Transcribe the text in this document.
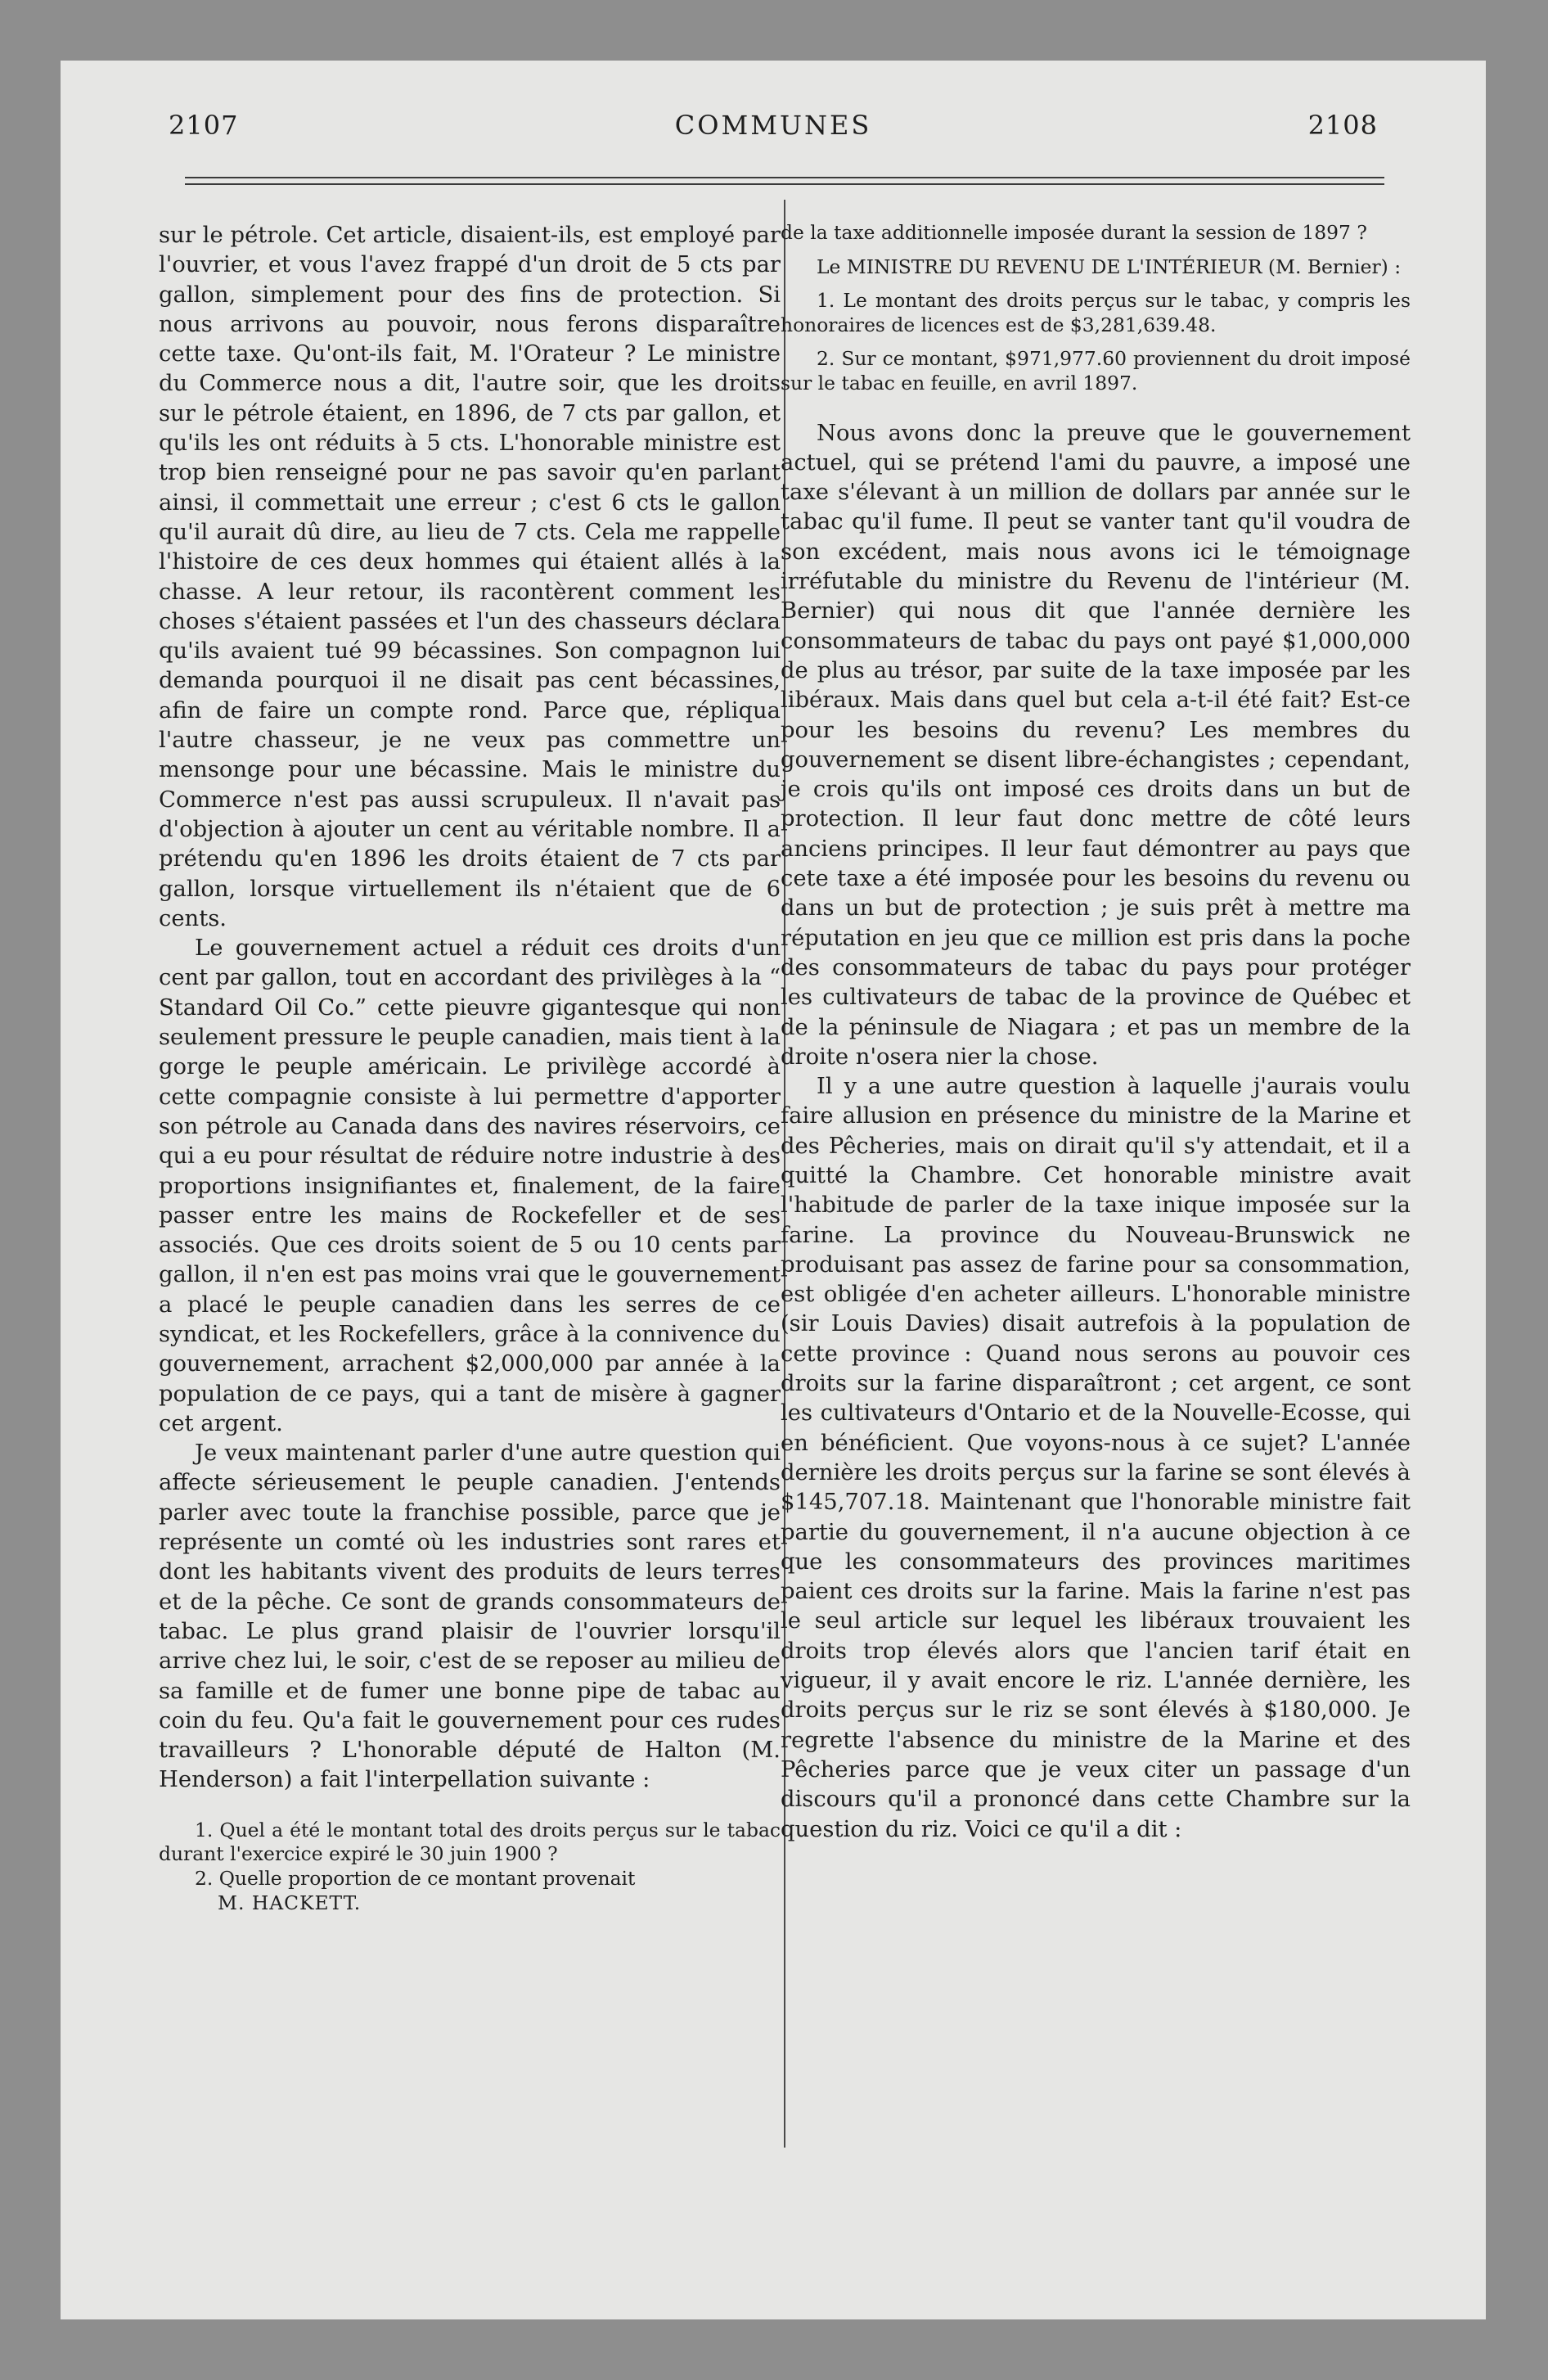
2107	COMMUNES	2108

sur le pétrole. Cet article, disaient-ils, est employé par l'ouvrier, et vous l'avez frappé d'un droit de 5 cts par gallon, simplement pour des fins de protection. Si nous arrivons au pouvoir, nous ferons disparaître cette taxe. Qu'ont-ils fait, M. l'Orateur ? Le ministre du Commerce nous a dit, l'autre soir, que les droits sur le pétrole étaient, en 1896, de 7 cts par gallon, et qu'ils les ont réduits à 5 cts. L'honorable ministre est trop bien renseigné pour ne pas savoir qu'en parlant ainsi, il commettait une erreur ; c'est 6 cts le gallon qu'il aurait dû dire, au lieu de 7 cts. Cela me rappelle l'histoire de ces deux hommes qui étaient allés à la chasse. A leur retour, ils racontèrent comment les choses s'étaient passées et l'un des chasseurs déclara qu'ils avaient tué 99 bécassines. Son compagnon lui demanda pourquoi il ne disait pas cent bécassines, afin de faire un compte rond. Parce que, répliqua l'autre chasseur, je ne veux pas commettre un mensonge pour une bécassine. Mais le ministre du Commerce n'est pas aussi scrupuleux. Il n'avait pas d'objection à ajouter un cent au véritable nombre. Il a prétendu qu'en 1896 les droits étaient de 7 cts par gallon, lorsque virtuellement ils n'étaient que de 6 cents.

Le gouvernement actuel a réduit ces droits d'un cent par gallon, tout en accordant des privilèges à la “ Standard Oil Co.” cette pieuvre gigantesque qui non seulement pressure le peuple canadien, mais tient à la gorge le peuple américain. Le privilège accordé à cette compagnie consiste à lui permettre d'apporter son pétrole au Canada dans des navires réservoirs, ce qui a eu pour résultat de réduire notre industrie à des proportions insignifiantes et, finalement, de la faire passer entre les mains de Rockefeller et de ses associés. Que ces droits soient de 5 ou 10 cents par gallon, il n'en est pas moins vrai que le gouvernement a placé le peuple canadien dans les serres de ce syndicat, et les Rockefellers, grâce à la connivence du gouvernement, arrachent $2,000,000 par année à la population de ce pays, qui a tant de misère à gagner cet argent.

Je veux maintenant parler d'une autre question qui affecte sérieusement le peuple canadien. J'entends parler avec toute la franchise possible, parce que je représente un comté où les industries sont rares et dont les habitants vivent des produits de leurs terres et de la pêche. Ce sont de grands consommateurs de tabac. Le plus grand plaisir de l'ouvrier lorsqu'il arrive chez lui, le soir, c'est de se reposer au milieu de sa famille et de fumer une bonne pipe de tabac au coin du feu. Qu'a fait le gouvernement pour ces rudes travailleurs ? L'honorable député de Halton (M. Henderson) a fait l'interpellation suivante :

1. Quel a été le montant total des droits perçus sur le tabac durant l'exercice expiré le 30 juin 1900 ?

2. Quelle proportion de ce montant provenait

M. HACKETT.

de la taxe additionnelle imposée durant la session de 1897 ?

Le MINISTRE DU REVENU DE L'INTÉRIEUR (M. Bernier) :

1. Le montant des droits perçus sur le tabac, y compris les honoraires de licences est de $3,281,639.48.

2. Sur ce montant, $971,977.60 proviennent du droit imposé sur le tabac en feuille, en avril 1897.

Nous avons donc la preuve que le gouvernement actuel, qui se prétend l'ami du pauvre, a imposé une taxe s'élevant à un million de dollars par année sur le tabac qu'il fume. Il peut se vanter tant qu'il voudra de son excédent, mais nous avons ici le témoignage irréfutable du ministre du Revenu de l'intérieur (M. Bernier) qui nous dit que l'année dernière les consommateurs de tabac du pays ont payé $1,000,000 de plus au trésor, par suite de la taxe imposée par les libéraux. Mais dans quel but cela a-t-il été fait? Est-ce pour les besoins du revenu? Les membres du gouvernement se disent libre-échangistes ; cependant, je crois qu'ils ont imposé ces droits dans un but de protection. Il leur faut donc mettre de côté leurs anciens principes. Il leur faut démontrer au pays que cete taxe a été imposée pour les besoins du revenu ou dans un but de protection ; je suis prêt à mettre ma réputation en jeu que ce million est pris dans la poche des consommateurs de tabac du pays pour protéger les cultivateurs de tabac de la province de Québec et de la péninsule de Niagara ; et pas un membre de la droite n'osera nier la chose.

Il y a une autre question à laquelle j'aurais voulu faire allusion en présence du ministre de la Marine et des Pêcheries, mais on dirait qu'il s'y attendait, et il a quitté la Chambre. Cet honorable ministre avait l'habitude de parler de la taxe inique imposée sur la farine. La province du Nouveau-Brunswick ne produisant pas assez de farine pour sa consommation, est obligée d'en acheter ailleurs. L'honorable ministre (sir Louis Davies) disait autrefois à la population de cette province : Quand nous serons au pouvoir ces droits sur la farine disparaîtront ; cet argent, ce sont les cultivateurs d'Ontario et de la Nouvelle-Ecosse, qui en bénéficient. Que voyons-nous à ce sujet? L'année dernière les droits perçus sur la farine se sont élevés à $145,707.18. Maintenant que l'honorable ministre fait partie du gouvernement, il n'a aucune objection à ce que les consommateurs des provinces maritimes paient ces droits sur la farine. Mais la farine n'est pas le seul article sur lequel les libéraux trouvaient les droits trop élevés alors que l'ancien tarif était en vigueur, il y avait encore le riz. L'année dernière, les droits perçus sur le riz se sont élevés à $180,000. Je regrette l'absence du ministre de la Marine et des Pêcheries parce que je veux citer un passage d'un discours qu'il a prononcé dans cette Chambre sur la question du riz. Voici ce qu'il a dit :
